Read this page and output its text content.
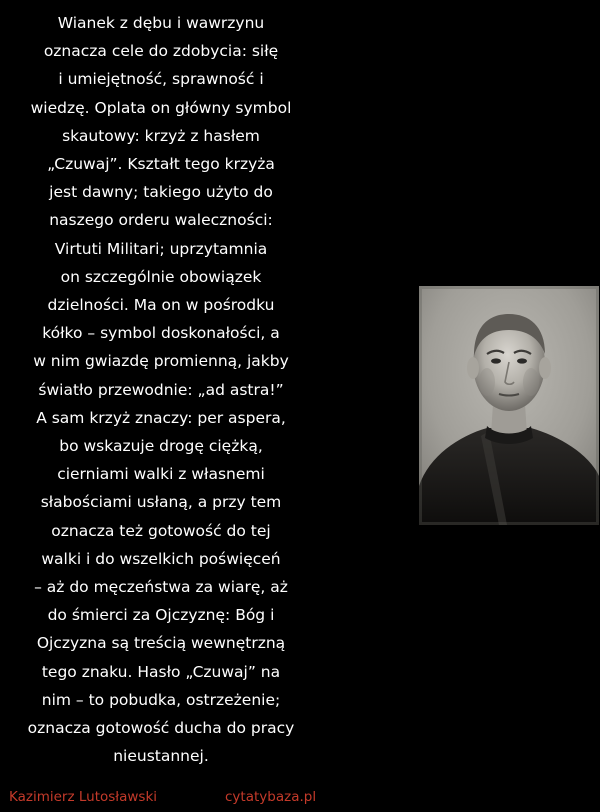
Wianek z dębu i wawrzynu
oznacza cele do zdobycia: siłę
i umiejętność, sprawność i
wiedzę. Oplata on główny symbol
skautowy: krzyż z hasłem
„Czuwaj”. Kształt tego krzyża
jest dawny; takiego użyto do
naszego orderu waleczności:
Virtuti Militari; uprzytamnia
on szczególnie obowiązek
dzielności. Ma on w pośrodku
kółko – symbol doskonałości, a
w nim gwiazdę promienną, jakby
światło przewodnie: „ad astra!”
A sam krzyż znaczy: per aspera,
bo wskazuje drogę ciężką,
cierniami walki z własnemi
słabościami usłaną, a przy tem
oznacza też gotowość do tej
walki i do wszelkich poświęceń
– aż do męczeństwa za wiarę, aż
do śmierci za Ojczyznę: Bóg i
Ojczyzna są treścią wewnętrzną
tego znaku. Hasło „Czuwaj” na
nim – to pobudka, ostrzeżenie;
oznacza gotowość ducha do pracy
nieustannej.
Kazimierz Lutosławski	cytatybaza.pl
